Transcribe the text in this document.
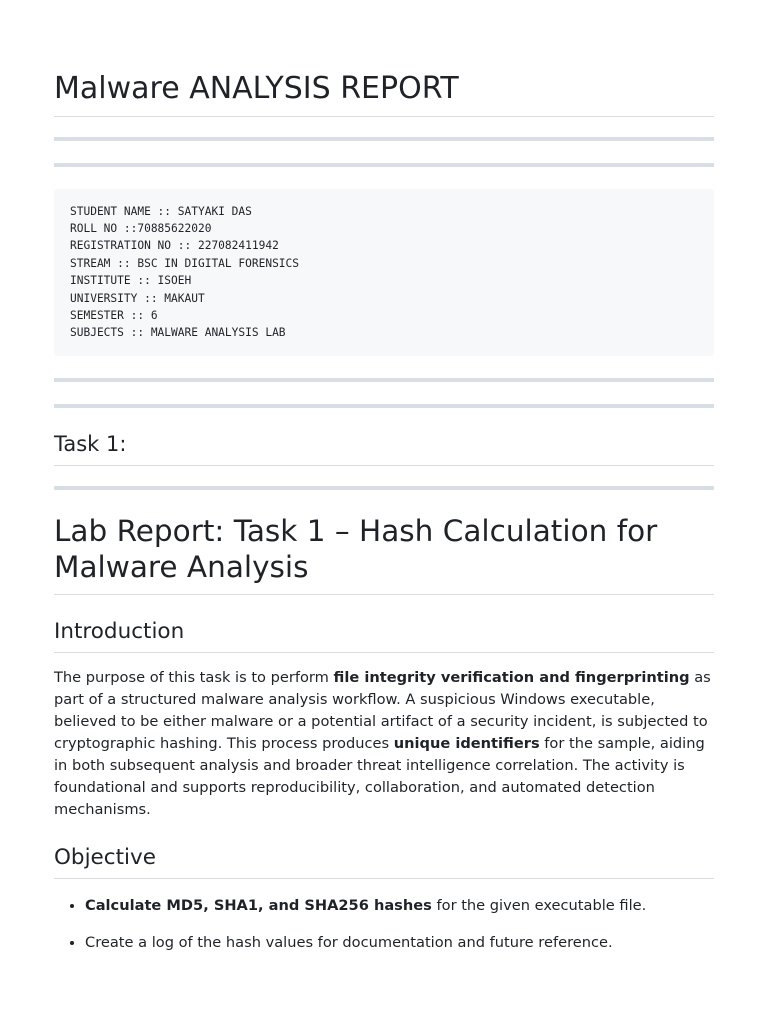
Malware ANALYSIS REPORT
STUDENT NAME :: SATYAKI DAS
ROLL NO ::70885622020
REGISTRATION NO :: 227082411942
STREAM :: BSC IN DIGITAL FORENSICS
INSTITUTE :: ISOEH
UNIVERSITY :: MAKAUT
SEMESTER :: 6
SUBJECTS :: MALWARE ANALYSIS LAB
Task 1:
Lab Report: Task 1 – Hash Calculation for Malware Analysis
Introduction

The purpose of this task is to perform file integrity verification and fingerprinting as part of a structured malware analysis workflow. A suspicious Windows executable, believed to be either malware or a potential artifact of a security incident, is subjected to cryptographic hashing. This process produces unique identifiers for the sample, aiding in both subsequent analysis and broader threat intelligence correlation. The activity is foundational and supports reproducibility, collaboration, and automated detection mechanisms.

Objective
• Calculate MD5, SHA1, and SHA256 hashes for the given executable file.
• Create a log of the hash values for documentation and future reference.
